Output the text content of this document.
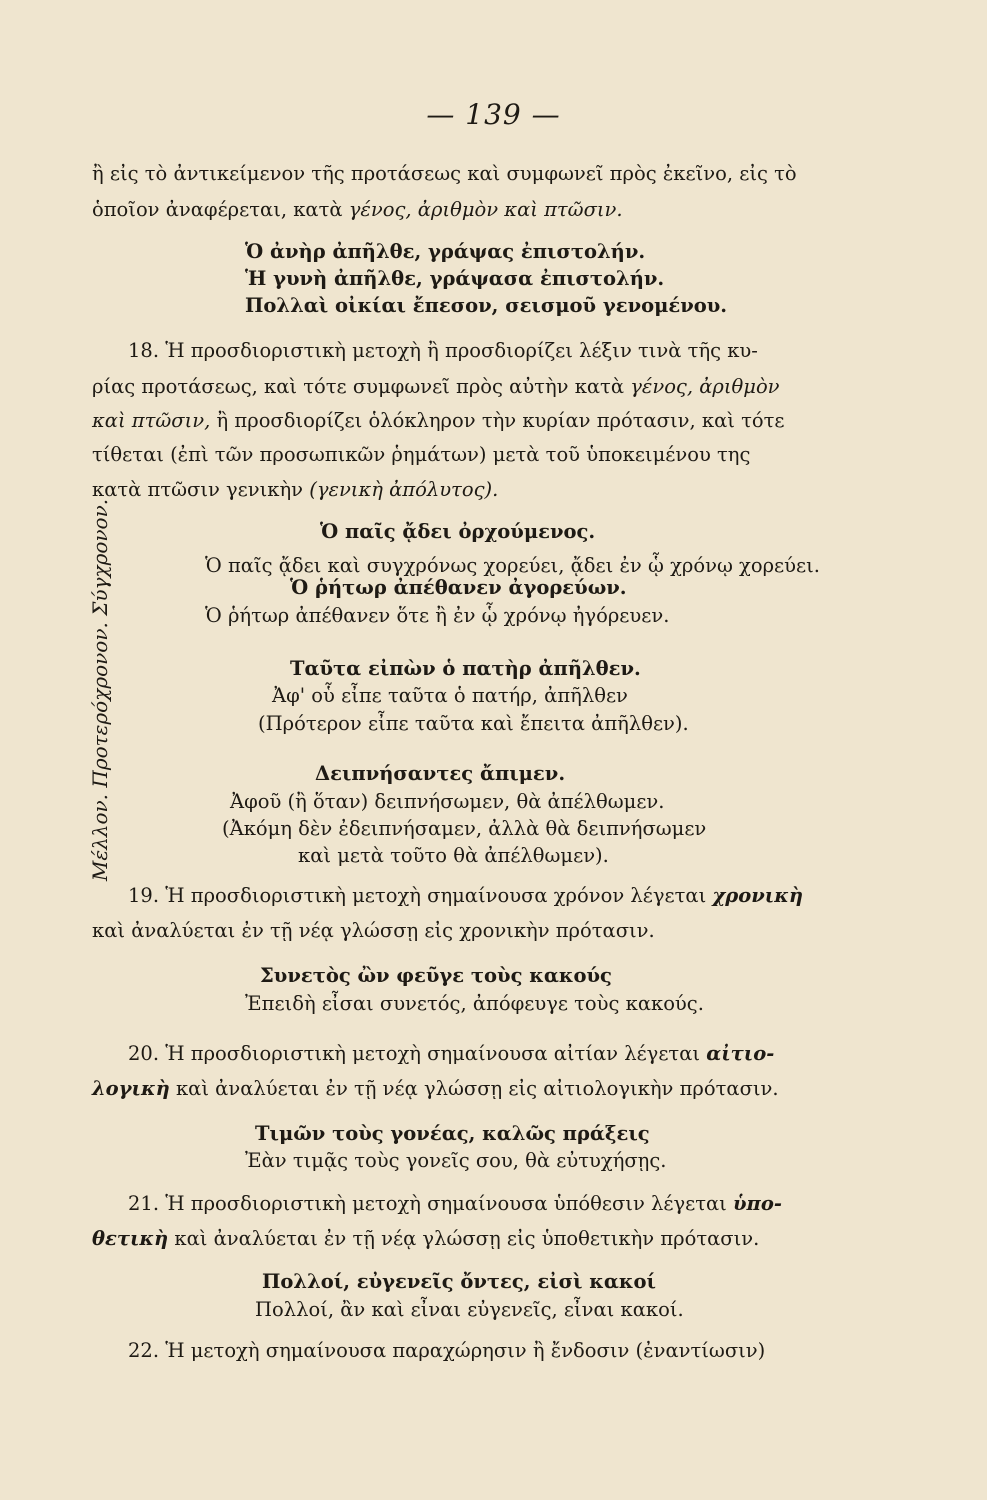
— 139 —
ἢ εἰς τὸ ἀντικείμενον τῆς προτάσεως καὶ συμφωνεῖ πρὸς ἐκεῖνο, εἰς τὸ
ὁποῖον ἀναφέρεται, κατὰ γένος, ἀριθμὸν καὶ πτῶσιν.
Ὁ ἀνὴρ ἀπῆλθε, γράψας ἐπιστολήν.
Ἡ γυνὴ ἀπῆλθε, γράψασα ἐπιστολήν.
Πολλαὶ οἰκίαι ἔπεσον, σεισμοῦ γενομένου.
18. Ἡ προσδιοριστικὴ μετοχὴ ἢ προσδιορίζει λέξιν τινὰ τῆς κυ-
ρίας προτάσεως, καὶ τότε συμφωνεῖ πρὸς αὐτὴν κατὰ γένος, ἀριθμὸν
καὶ πτῶσιν, ἢ προσδιορίζει ὁλόκληρον τὴν κυρίαν πρότασιν, καὶ τότε
τίθεται (ἐπὶ τῶν προσωπικῶν ῥημάτων) μετὰ τοῦ ὑποκειμένου της
κατὰ πτῶσιν γενικὴν (γενικὴ ἀπόλυτος).
Μέλλον. Προτερόχρονον. Σύγχρονον.	Ὁ παῖς ᾄδει ὀρχούμενος.
Ὁ παῖς ᾄδει καὶ συγχρόνως χορεύει, ᾄδει ἐν ᾧ χρόνῳ χορεύει.
Ὁ ῥήτωρ ἀπέθανεν ἀγορεύων.
Ὁ ῥήτωρ ἀπέθανεν ὅτε ἢ ἐν ᾧ χρόνῳ ἠγόρευεν.
Ταῦτα εἰπὼν ὁ πατὴρ ἀπῆλθεν.
Ἀφ' οὗ εἶπε ταῦτα ὁ πατήρ, ἀπῆλθεν
(Πρότερον εἶπε ταῦτα καὶ ἔπειτα ἀπῆλθεν).
Δειπνήσαντες ἄπιμεν.
Ἀφοῦ (ἢ ὅταν) δειπνήσωμεν, θὰ ἀπέλθωμεν.
(Ἀκόμη δὲν ἐδειπνήσαμεν, ἀλλὰ θὰ δειπνήσωμεν
καὶ μετὰ τοῦτο θὰ ἀπέλθωμεν).
19. Ἡ προσδιοριστικὴ μετοχὴ σημαίνουσα χρόνον λέγεται χρονικὴ
καὶ ἀναλύεται ἐν τῇ νέᾳ γλώσσῃ εἰς χρονικὴν πρότασιν.
Συνετὸς ὢν φεῦγε τοὺς κακούς
Ἐπειδὴ εἶσαι συνετός, ἀπόφευγε τοὺς κακούς.
20. Ἡ προσδιοριστικὴ μετοχὴ σημαίνουσα αἰτίαν λέγεται αἰτιο-
λογικὴ καὶ ἀναλύεται ἐν τῇ νέᾳ γλώσσῃ εἰς αἰτιολογικὴν πρότασιν.
Τιμῶν τοὺς γονέας, καλῶς πράξεις
Ἐὰν τιμᾷς τοὺς γονεῖς σου, θὰ εὐτυχήσῃς.
21. Ἡ προσδιοριστικὴ μετοχὴ σημαίνουσα ὑπόθεσιν λέγεται ὑπο-
θετικὴ καὶ ἀναλύεται ἐν τῇ νέᾳ γλώσσῃ εἰς ὑποθετικὴν πρότασιν.
Πολλοί, εὐγενεῖς ὄντες, εἰσὶ κακοί
Πολλοί, ἂν καὶ εἶναι εὐγενεῖς, εἶναι κακοί.
22. Ἡ μετοχὴ σημαίνουσα παραχώρησιν ἢ ἔνδοσιν (ἐναντίωσιν)
